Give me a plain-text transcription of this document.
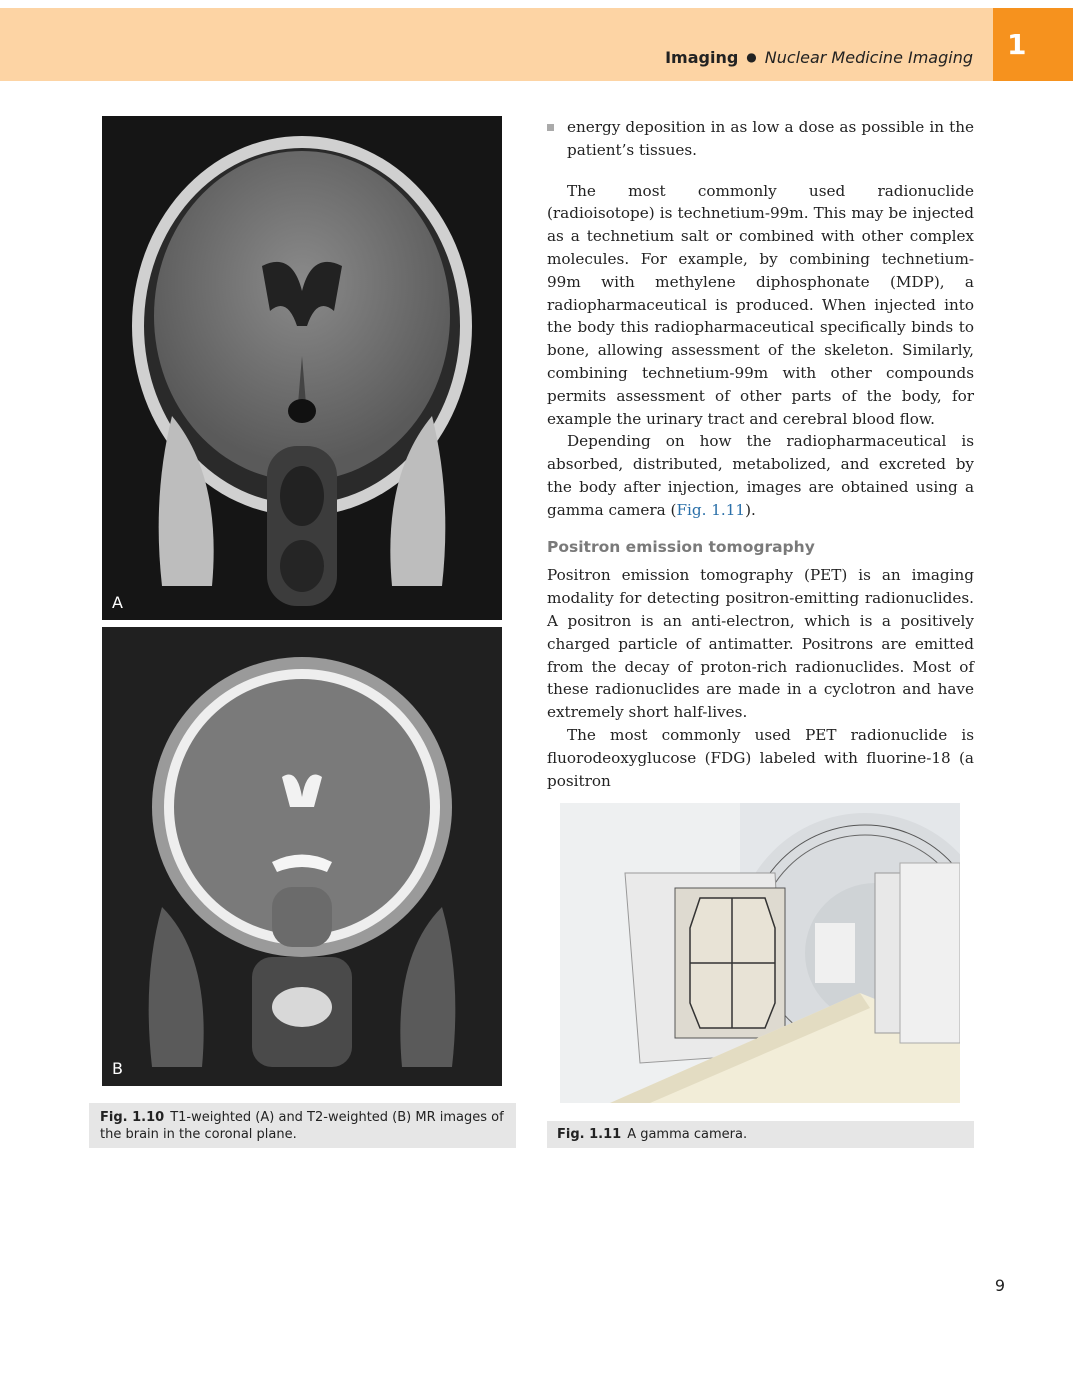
1
Imaging ● Nuclear Medicine Imaging
A
B
Fig. 1.10 T1-weighted (A) and T2-weighted (B) MR images of the brain in the coronal plane.	Fig. 1.11 A gamma camera.

energy deposition in as low a dose as possible in the patient’s tissues.

The most commonly used radionuclide (radioisotope) is technetium-99m. This may be injected as a technetium salt or combined with other complex molecules. For example, by combining technetium-99m with methylene diphosphonate (MDP), a radiopharmaceutical is produced. When injected into the body this radiopharmaceutical specifically binds to bone, allowing assessment of the skeleton. Similarly, combining technetium-99m with other compounds permits assessment of other parts of the body, for example the urinary tract and cerebral blood flow.

Depending on how the radiopharmaceutical is absorbed, distributed, metabolized, and excreted by the body after injection, images are obtained using a gamma camera (Fig. 1.11).

Positron emission tomography

Positron emission tomography (PET) is an imaging modality for detecting positron-emitting radionuclides. A positron is an anti-electron, which is a positively charged particle of antimatter. Positrons are emitted from the decay of proton-rich radionuclides. Most of these radionuclides are made in a cyclotron and have extremely short half-lives.

The most commonly used PET radionuclide is fluorodeoxyglucose (FDG) labeled with fluorine-18 (a positron

9
